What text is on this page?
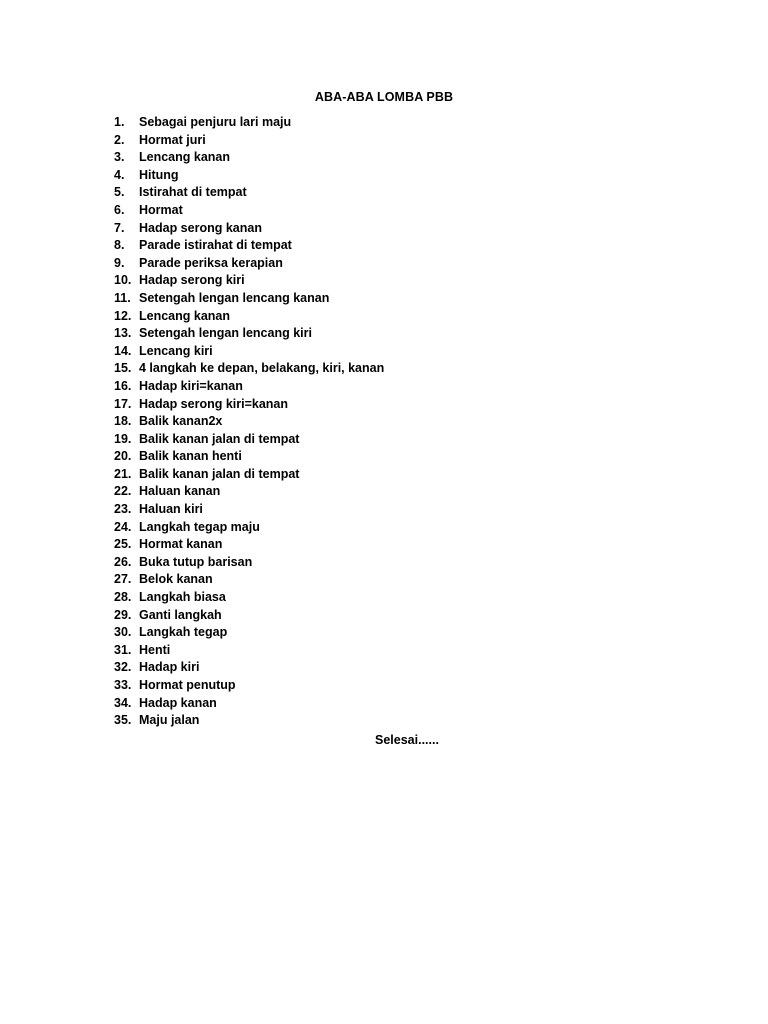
ABA-ABA LOMBA PBB
1.	Sebagai penjuru lari maju
2.	Hormat juri
3.	Lencang kanan
4.	Hitung
5.	Istirahat di tempat
6.	Hormat
7.	Hadap serong kanan
8.	Parade istirahat di tempat
9.	Parade periksa kerapian
10. Hadap serong kiri
11. Setengah lengan lencang kanan
12. Lencang kanan
13. Setengah lengan lencang kiri
14. Lencang kiri
15. 4 langkah ke depan, belakang, kiri, kanan
16. Hadap kiri=kanan
17. Hadap serong kiri=kanan
18. Balik kanan2x
19. Balik kanan jalan di tempat
20. Balik kanan henti
21. Balik kanan jalan di tempat
22. Haluan kanan
23. Haluan kiri
24. Langkah tegap maju
25. Hormat kanan
26. Buka tutup barisan
27. Belok kanan
28. Langkah biasa
29. Ganti langkah
30. Langkah tegap
31. Henti
32. Hadap kiri
33. Hormat penutup
34. Hadap kanan
35. Maju jalan
Selesai......
